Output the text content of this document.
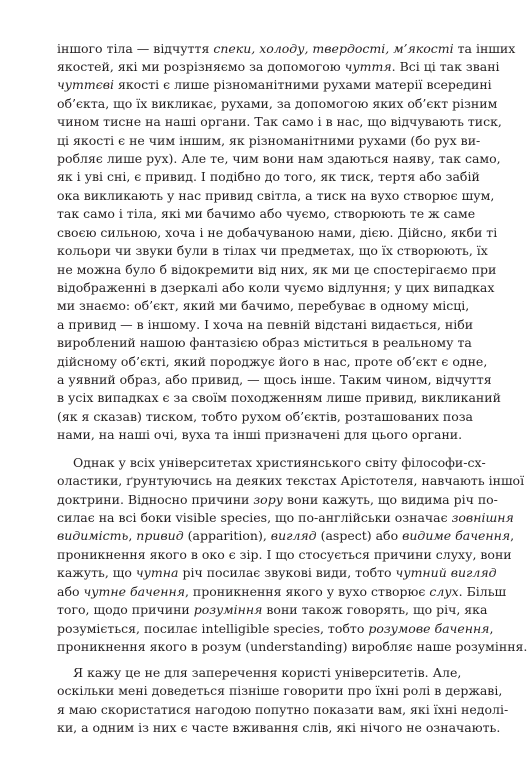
іншого тіла — відчуття спеки, холоду, твердості, м’якості та інших
якостей, які ми розрізняємо за допомогою чуття. Всі ці так звані
чуттєві якості є лише різноманітними рухами матерії всередині
об’єкта, що їх викликає, рухами, за допомогою яких об’єкт різним
чином тисне на наші органи. Так само і в нас, що відчувають тиск,
ці якості є не чим іншим, як різноманітними рухами (бо рух ви-
робляє лише рух). Але те, чим вони нам здаються наяву, так само,
як і уві сні, є привид. І подібно до того, як тиск, тертя або забій
ока викликають у нас привид світла, а тиск на вухо створює шум,
так само і тіла, які ми бачимо або чуємо, створюють те ж саме
своєю сильною, хоча і не добачуваною нами, дією. Дійсно, якби ті
кольори чи звуки були в тілах чи предметах, що їх створюють, їх
не можна було б відокремити від них, як ми це спостерігаємо при
відображенні в дзеркалі або коли чуємо відлуння; у цих випадках
ми знаємо: об’єкт, який ми бачимо, перебуває в одному місці,
а привид — в іншому. І хоча на певній відстані видається, ніби
вироблений нашою фантазією образ міститься в реальному та
дійсному об’єкті, який породжує його в нас, проте об’єкт є одне,
а уявний образ, або привид, — щось інше. Таким чином, відчуття
в усіх випадках є за своїм походженням лише привид, викликаний
(як я сказав) тиском, тобто рухом об’єктів, розташованих поза
нами, на наші очі, вуха та інші призначені для цього органи.
Однак у всіх університетах християнського світу філософи-сх-
оластики, ґрунтуючись на деяких текстах Арістотеля, навчають іншої
доктрини. Відносно причини зору вони кажуть, що видима річ по-
силає на всі боки visible species, що по-англійськи означає зовнішня
видимість, привид (apparition), вигляд (aspect) або видиме бачення,
проникнення якого в око є зір. І що стосується причини слуху, вони
кажуть, що чутна річ посилає звукові види, тобто чутний вигляд
або чутне бачення, проникнення якого у вухо створює слух. Більш
того, щодо причини розуміння вони також говорять, що річ, яка
розуміється, посилає intelligible species, тобто розумове бачення,
проникнення якого в розум (understanding) виробляє наше розуміння.
Я кажу це не для заперечення користі університетів. Але,
оскільки мені доведеться пізніше говорити про їхні ролі в державі,
я маю скористатися нагодою попутно показати вам, які їхні недолі-
ки, а одним із них є часте вживання слів, які нічого не означають.
